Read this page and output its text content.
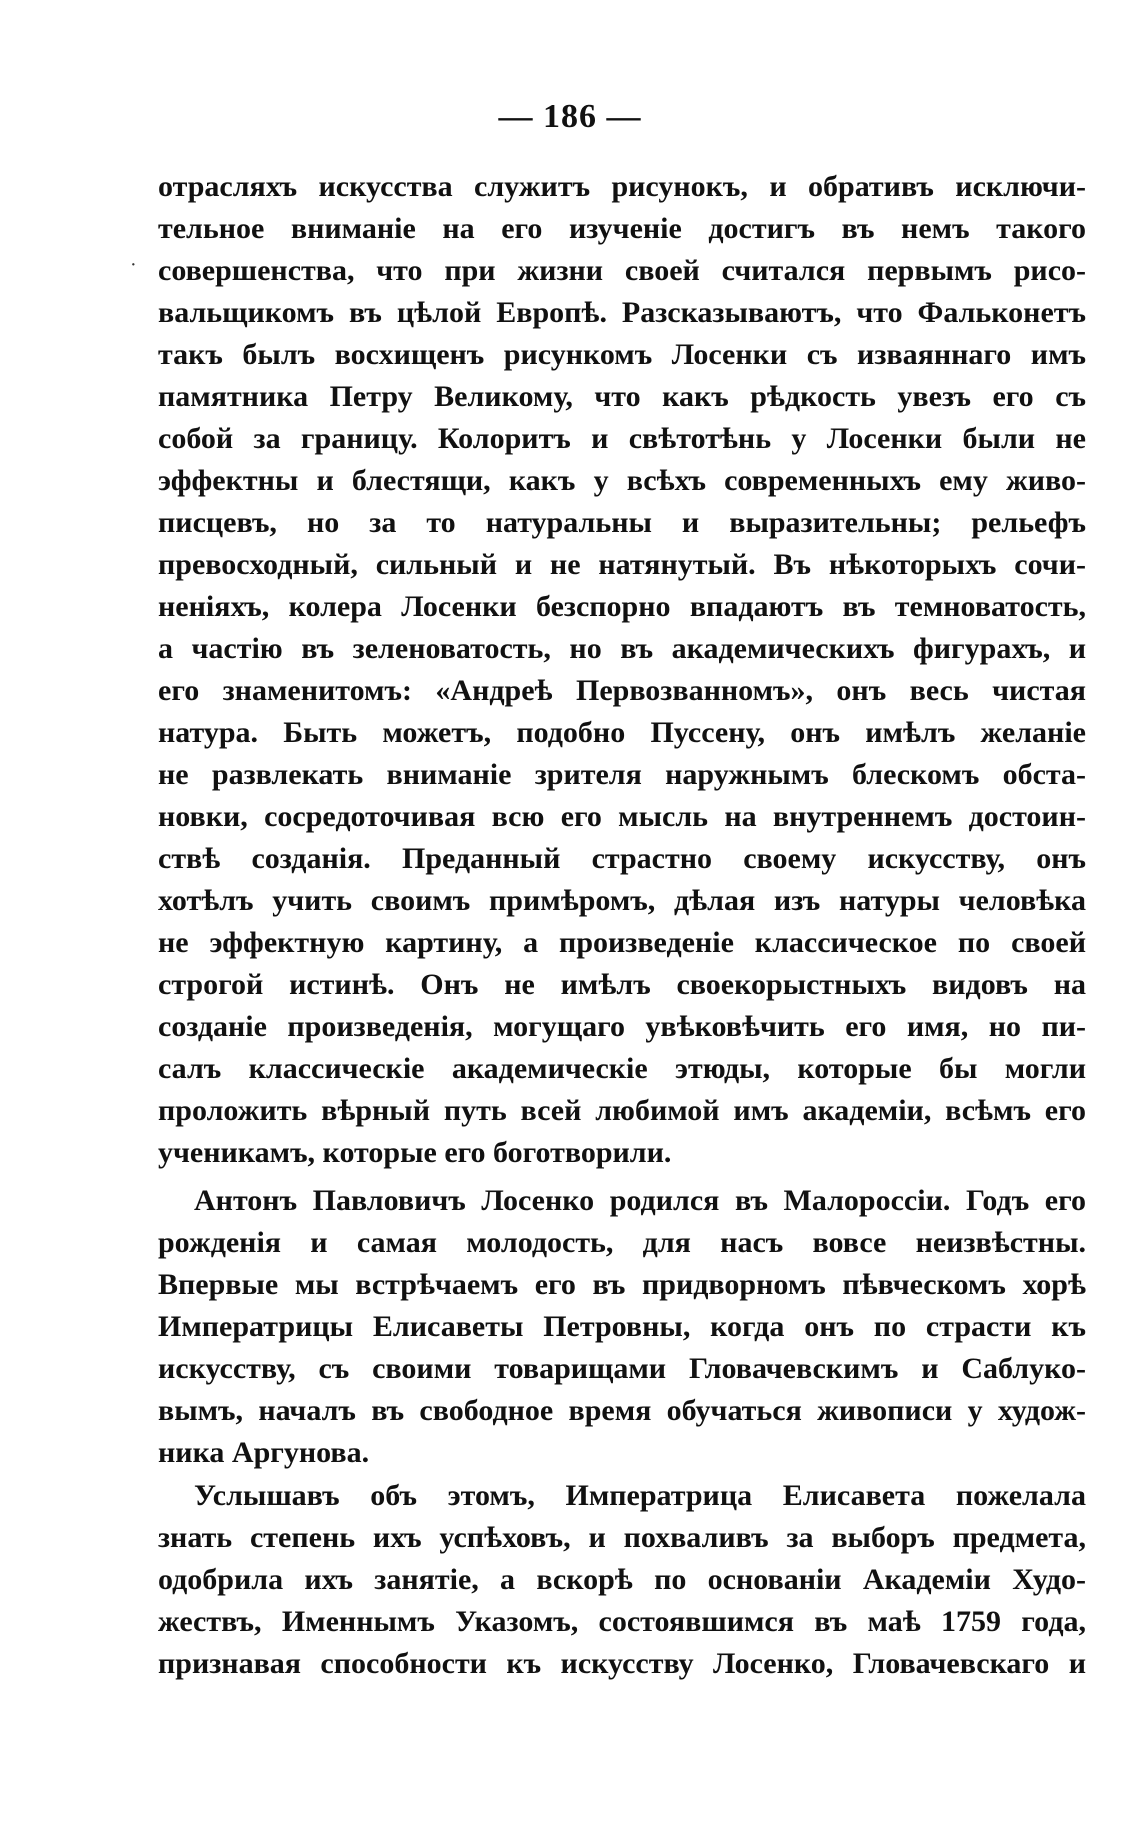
— 186 —
·
отрасляхъ искусства служитъ рисунокъ, и обративъ исключи-
тельное вниманіе на его изученіе достигъ въ немъ такого
совершенства, что при жизни своей считался первымъ рисо-
вальщикомъ въ цѣлой Европѣ. Разсказываютъ, что Фальконетъ
такъ былъ восхищенъ рисункомъ Лосенки съ изваяннаго имъ
памятника Петру Великому, что какъ рѣдкость увезъ его съ
собой за границу. Колоритъ и свѣтотѣнь у Лосенки были не
эффектны и блестящи, какъ у всѣхъ современныхъ ему живо-
писцевъ, но за то натуральны и выразительны; рельефъ
превосходный, сильный и не натянутый. Въ нѣкоторыхъ сочи-
неніяхъ, колера Лосенки безспорно впадаютъ въ темноватость,
а частію въ зеленоватость, но въ академическихъ фигурахъ, и
его знаменитомъ: «Андреѣ Первозванномъ», онъ весь чистая
натура. Быть можетъ, подобно Пуссену, онъ имѣлъ желаніе
не развлекать вниманіе зрителя наружнымъ блескомъ обста-
новки, сосредоточивая всю его мысль на внутреннемъ достоин-
ствѣ созданія. Преданный страстно своему искусству, онъ
хотѣлъ учить своимъ примѣромъ, дѣлая изъ натуры человѣка
не эффектную картину, а произведеніе классическое по своей
строгой истинѣ. Онъ не имѣлъ своекорыстныхъ видовъ на
созданіе произведенія, могущаго увѣковѣчить его имя, но пи-
салъ классическіе академическіе этюды, которые бы могли
проложить вѣрный путь всей любимой имъ академіи, всѣмъ его
ученикамъ, которые его боготворили.
Антонъ Павловичъ Лосенко родился въ Малороссіи. Годъ его
рожденія и самая молодость, для насъ вовсе неизвѣстны.
Впервые мы встрѣчаемъ его въ придворномъ пѣвческомъ хорѣ
Императрицы Елисаветы Петровны, когда онъ по страсти къ
искусству, съ своими товарищами Гловачевскимъ и Саблуко-
вымъ, началъ въ свободное время обучаться живописи у худож-
ника Аргунова.
Услышавъ объ этомъ, Императрица Елисавета пожелала
знать степень ихъ успѣховъ, и похваливъ за выборъ предмета,
одобрила ихъ занятіе, а вскорѣ по основаніи Академіи Худо-
жествъ, Именнымъ Указомъ, состоявшимся въ маѣ 1759 года,
признавая способности къ искусству Лосенко, Гловачевскаго и
